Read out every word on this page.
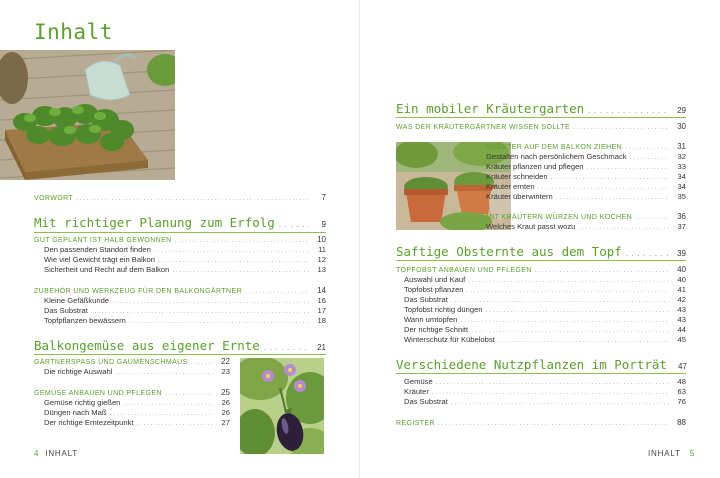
Inhalt
VORWORT .....	7
Mit richtiger Planung zum Erfolg .....	9
GUT GEPLANT IST HALB GEWONNEN .....	10
Den passenden Standort finden .....	11
Wie viel Gewicht trägt ein Balkon .....	12
Sicherheit und Recht auf dem Balkon .....	13
ZUBEHÖR UND WERKZEUG FÜR DEN BALKONGÄRTNER .....	14
Kleine Gefäßkunde .....	16
Das Substrat .....	17
Topfpflanzen bewässern .....	18
Balkongemüse aus eigener Ernte .....	21
GÄRTNERSPASS UND GAUMENSCHMAUS .....	22
Die richtige Auswahl .....	23
GEMÜSE ANBAUEN UND PFLEGEN .....	25
Gemüse richtig gießen .....	26
Düngen nach Maß .....	26
Der richtige Erntezeitpunkt .....	27
4 INHALT
Ein mobiler Kräutergarten .....	29
WAS DER KRÄUTERGÄRTNER WISSEN SOLLTE .....	30
KRÄUTER AUF DEM BALKON ZIEHEN .....	31
Gestalten nach persönlichem Geschmack .....	32
Kräuter pflanzen und pflegen .....	33
Kräuter schneiden .....	34
Kräuter ernten .....	34
Kräuter überwintern .....	35
MIT KRÄUTERN WÜRZEN UND KOCHEN .....	36
Welches Kraut passt wozu .....	37
Saftige Obsternte aus dem Topf .....	39
TOPFOBST ANBAUEN UND PFLEGEN .....	40
Auswahl und Kauf .....	40
Topfobst pflanzen .....	41
Das Substrat .....	42
Topfobst richtig düngen .....	43
Wann umtopfen .....	43
Der richtige Schnitt .....	44
Winterschutz für Kübelobst .....	45
Verschiedene Nutzpflanzen im Porträt	47
Gemüse .....	48
Kräuter .....	63
Das Substrat .....	76
REGISTER .....	88
INHALT 5
